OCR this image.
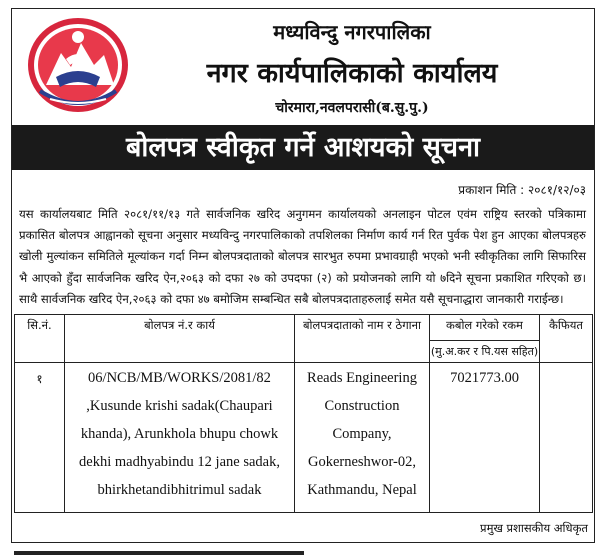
मध्यविन्दु नगरपालिका
नगर कार्यपालिकाको कार्यालय
चोरमारा,नवलपरासी(ब.सु.पु.)
बोलपत्र स्वीकृत गर्ने आशयको सूचना
प्रकाशन मिति : २०८१/१२/०३
यस कार्यालयबाट मिति २०८१/११/१३ गते सार्वजनिक खरिद अनुगमन कार्यालयको अनलाइन पोटल एवंम राष्ट्रिय स्तरको पत्रिकामा प्रकासित बोलपत्र आह्वानको सूचना अनुसार मध्यविन्दु नगरपालिकाको तपशिलका निर्माण कार्य गर्न रित पुर्वक पेश हुन आएका बोलपत्रहरु खोली मुल्यांकन समितिले मूल्यांकन गर्दा निम्न बोलपत्रदाताको बोलपत्र सारभुत रुपमा प्रभावग्राही भएको भनी स्वीकृतिका लागि सिफारिस भै आएको हुँदा सार्वजनिक खरिद ऐन,२०६३ को दफा २७ को उपदफा (२) को प्रयोजनको लागि यो ७दिने सूचना प्रकाशित गरिएको छ। साथै सार्वजनिक खरिद ऐन,२०६३ को दफा ४७ बमोजिम सम्बन्धित सबै बोलपत्रदाताहरुलाई समेत यसै सूचनाद्धारा जानकारी गराईन्छ।
सि.नं.	बोलपत्र नं.र कार्य	बोलपत्रदाताको नाम र ठेगाना	कबोल गरेको रकम	कैफियत
			(मु.अ.कर र पि.यस सहित)	
१	06/NCB/MB/WORKS/2081/82 ,Kusunde krishi sadak(Chaupari khanda), Arunkhola bhupu chowk dekhi madhyabindu 12 jane sadak, bhirkhetandibhitrimul sadak	Reads Engineering Construction Company, Gokerneshwor-02, Kathmandu, Nepal	7021773.00	
प्रमुख प्रशासकीय अधिकृत
